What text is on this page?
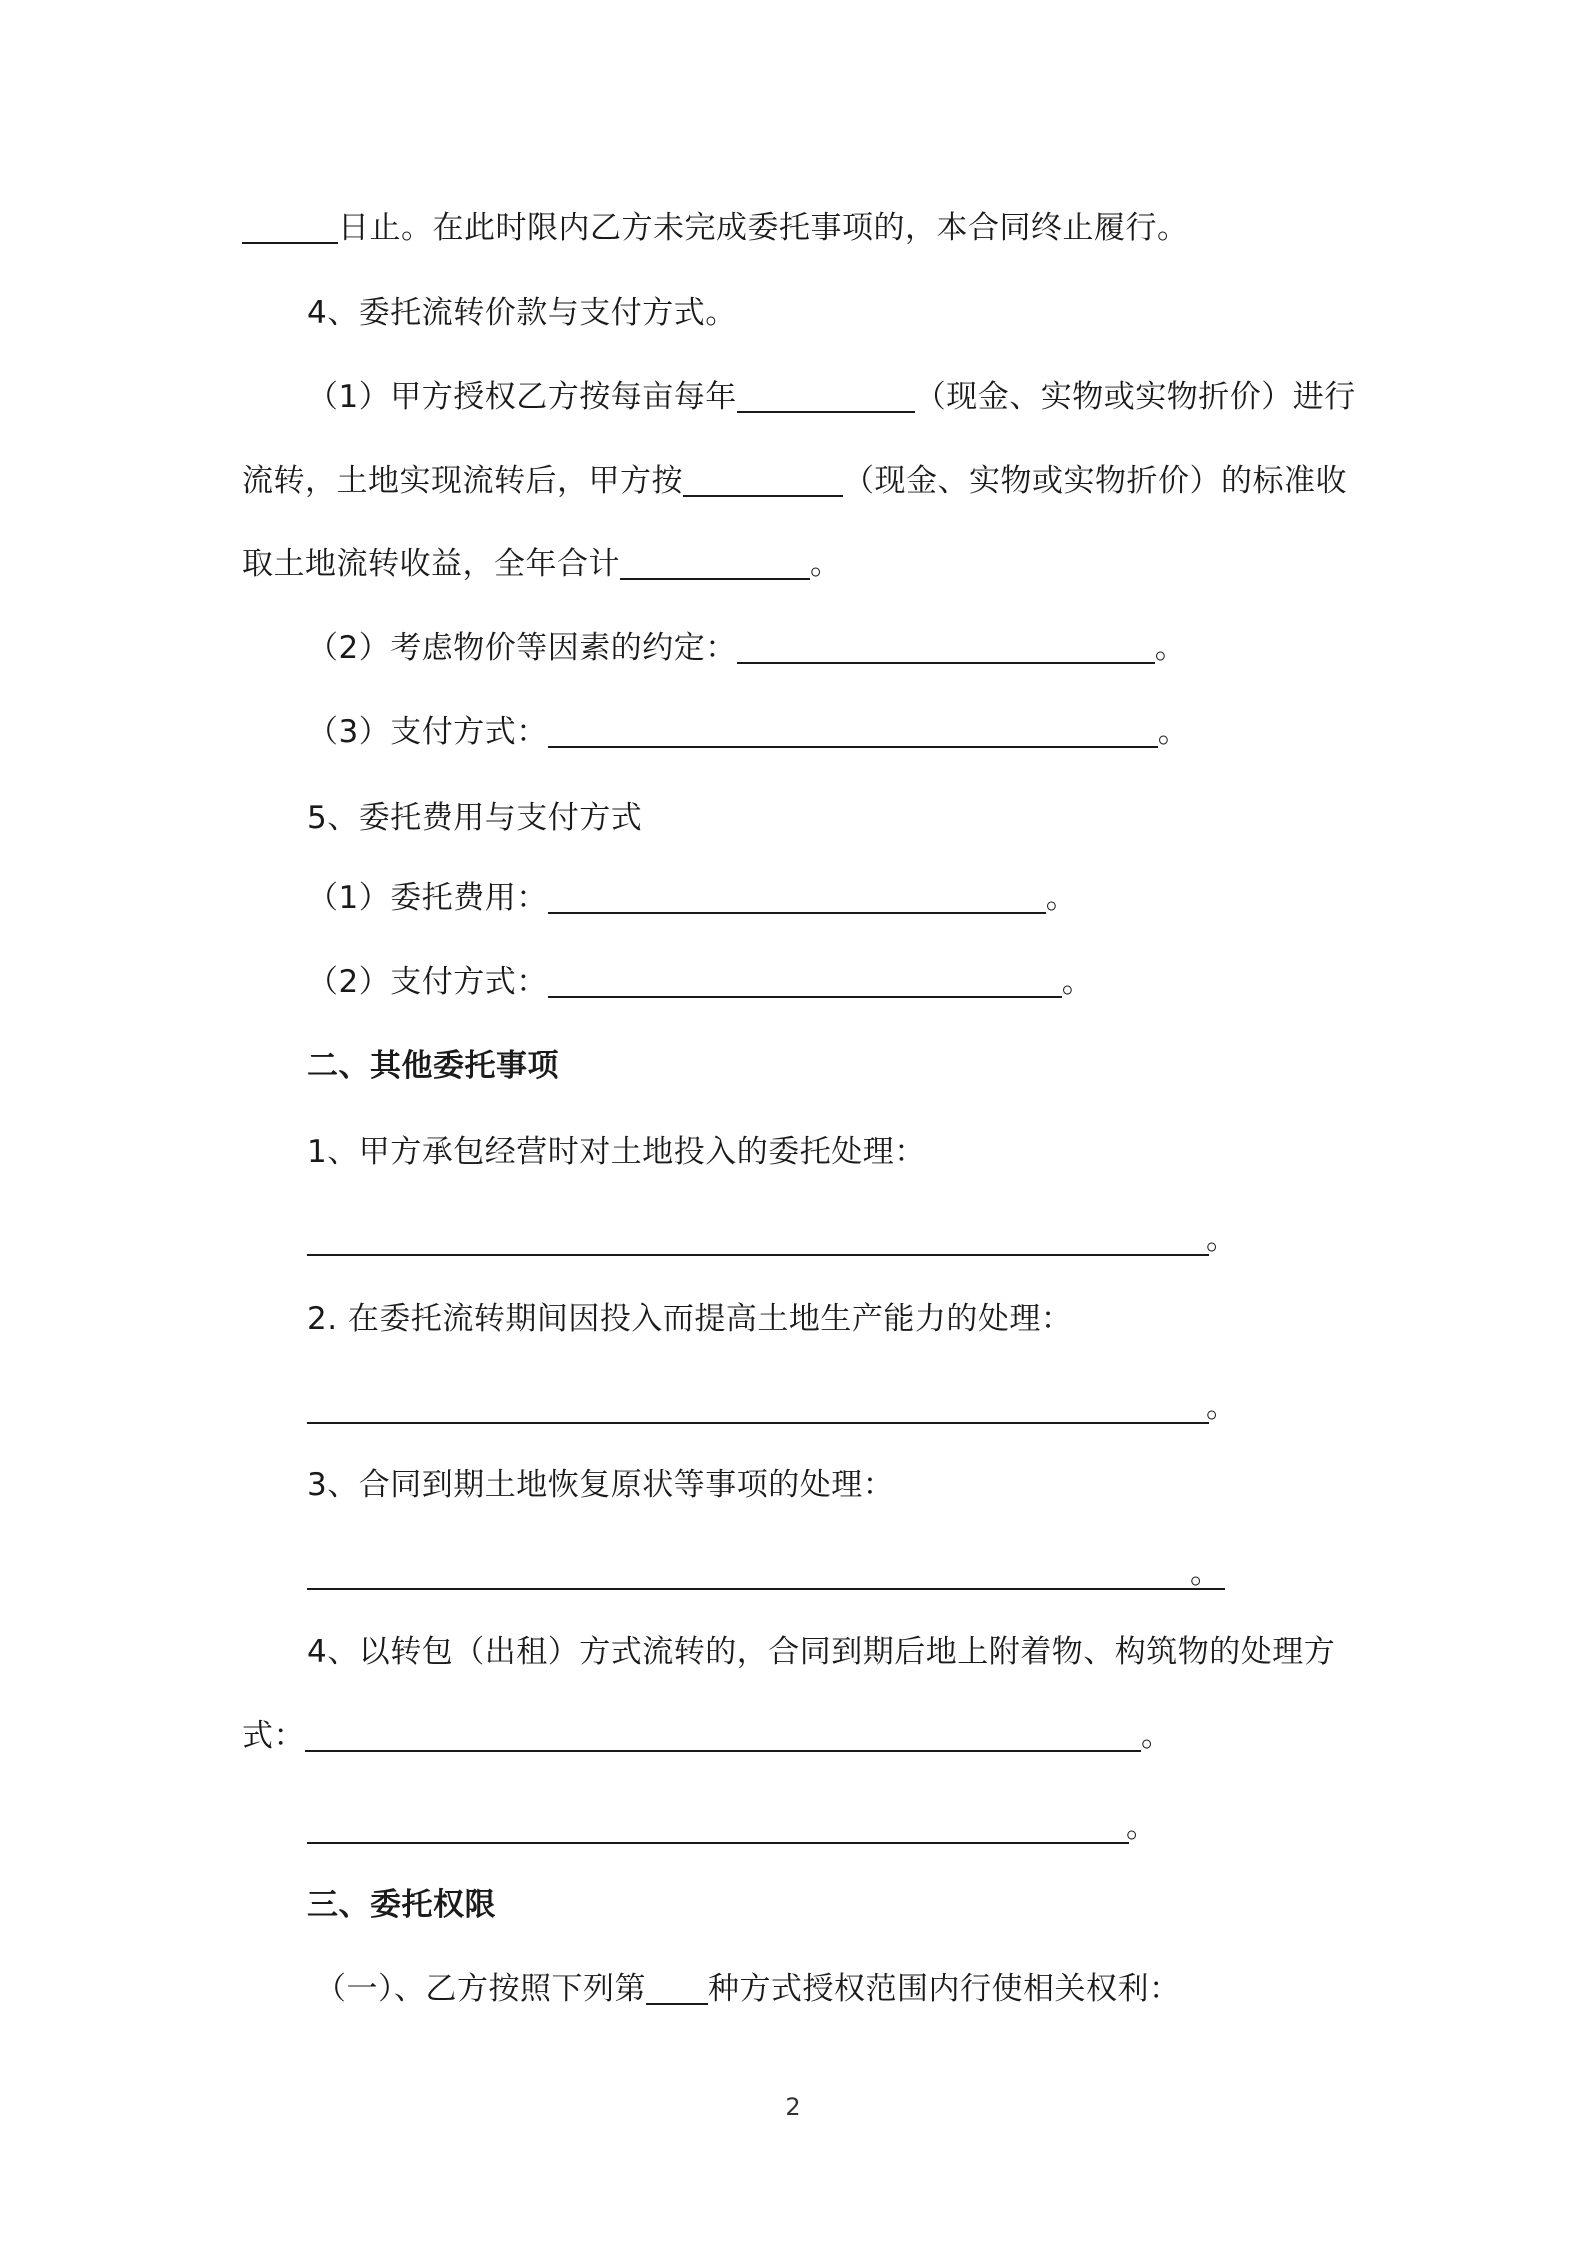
日止。在此时限内乙方未完成委托事项的，本合同终止履行。
4、委托流转价款与支付方式。
（1）甲方授权乙方按每亩每年	（现金、实物或实物折价）进行
流转，土地实现流转后，甲方按	（现金、实物或实物折价）的标准收
取土地流转收益，全年合计	。
（2）考虑物价等因素的约定：	。
（3）支付方式：	。
5、委托费用与支付方式
（1）委托费用：	。
（2）支付方式：	。
二、其他委托事项
1、甲方承包经营时对土地投入的委托处理：
。
2. 在委托流转期间因投入而提高土地生产能力的处理：
。
3、合同到期土地恢复原状等事项的处理：
。
4、以转包（出租）方式流转的，合同到期后地上附着物、构筑物的处理方
式：	。
。
三、委托权限
（一）、乙方按照下列第 种方式授权范围内行使相关权利：
2
